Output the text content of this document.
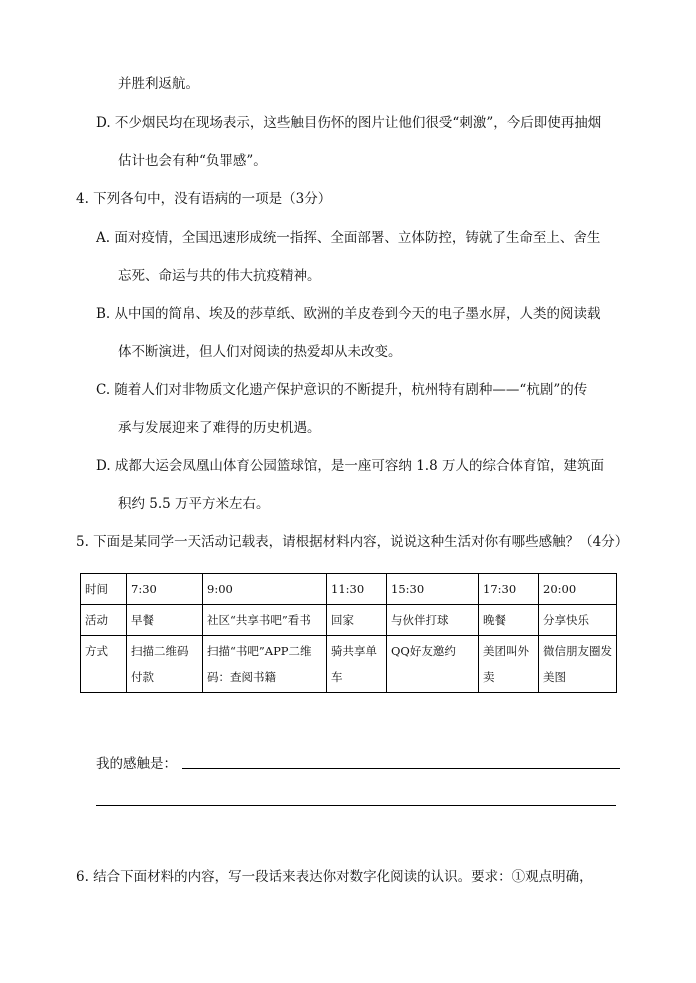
并胜利返航。
D. 不少烟民均在现场表示，这些触目伤怀的图片让他们很受“刺激”，今后即使再抽烟
估计也会有种“负罪感”。
4. 下列各句中，没有语病的一项是（3分）
A. 面对疫情，全国迅速形成统一指挥、全面部署、立体防控，铸就了生命至上、舍生
忘死、命运与共的伟大抗疫精神。
B. 从中国的简帛、埃及的莎草纸、欧洲的羊皮卷到今天的电子墨水屏，人类的阅读载
体不断演进，但人们对阅读的热爱却从未改变。
C. 随着人们对非物质文化遗产保护意识的不断提升，杭州特有剧种——“杭剧”的传
承与发展迎来了难得的历史机遇。
D. 成都大运会凤凰山体育公园篮球馆，是一座可容纳 1.8 万人的综合体育馆，建筑面
积约 5.5 万平方米左右。
5. 下面是某同学一天活动记载表，请根据材料内容，说说这种生活对你有哪些感触？（4分）
时间	7:30	9:00	11:30	15:30	17:30	20:00
活动	早餐	社区“共享书吧”看书	回家	与伙伴打球	晚餐	分享快乐
方式	扫描二维码付款	扫描“书吧”APP二维码：查阅书籍	骑共享单车	QQ好友邀约	美团叫外卖	微信朋友圈发美图
我的感触是：
6. 结合下面材料的内容，写一段话来表达你对数字化阅读的认识。要求：①观点明确，
